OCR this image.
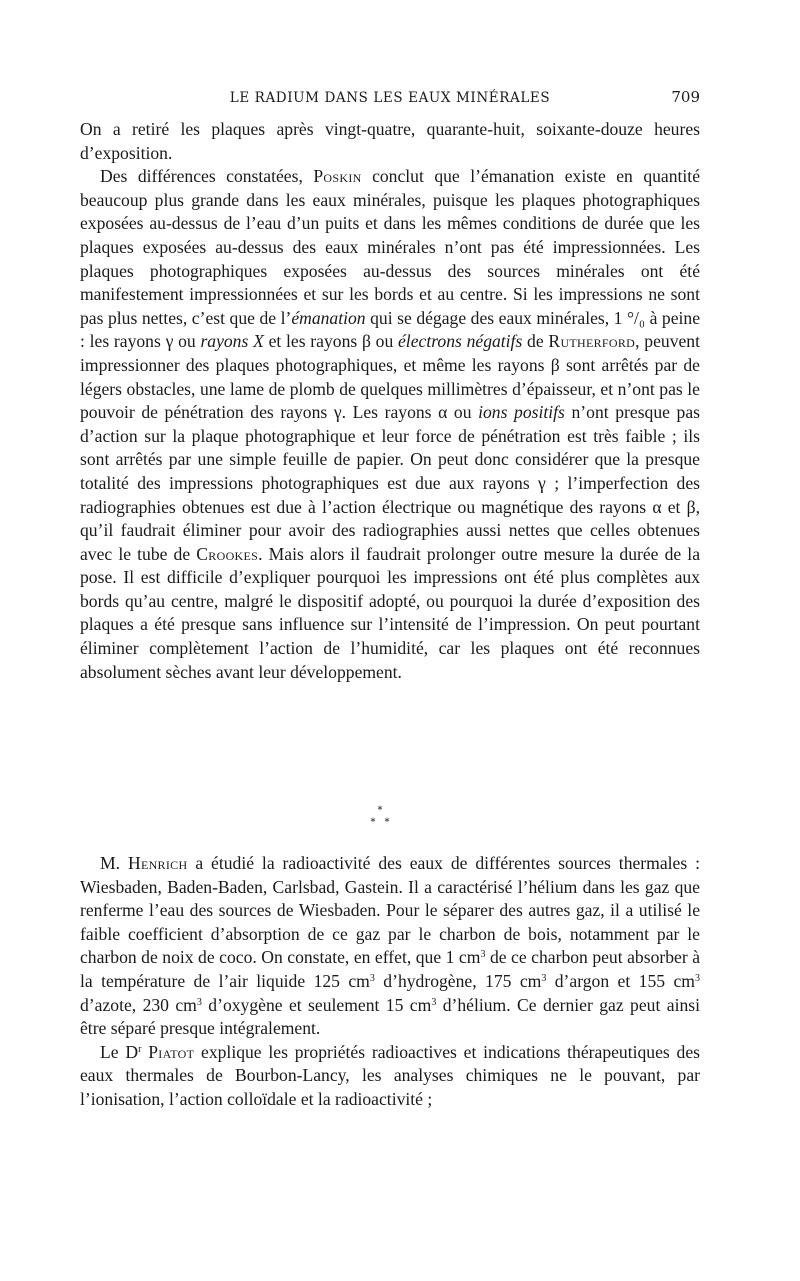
LE RADIUM DANS LES EAUX MINÉRALES	709

On a retiré les plaques après vingt-quatre, quarante-huit, soixante-douze heures d’exposition.

Des différences constatées, Poskin conclut que l’émanation existe en quantité beaucoup plus grande dans les eaux minérales, puisque les plaques photographiques exposées au-dessus de l’eau d’un puits et dans les mêmes conditions de durée que les plaques exposées au-dessus des eaux minérales n’ont pas été impressionnées. Les plaques photographiques exposées au-dessus des sources minérales ont été manifestement impressionnées et sur les bords et au centre. Si les impressions ne sont pas plus nettes, c’est que de l’émanation qui se dégage des eaux minérales, 1 °/₀ à peine : les rayons γ ou rayons X et les rayons β ou électrons négatifs de Rutherford, peuvent impressionner des plaques photographiques, et même les rayons β sont arrêtés par de légers obstacles, une lame de plomb de quelques millimètres d’épaisseur, et n’ont pas le pouvoir de pénétration des rayons γ. Les rayons α ou ions positifs n’ont presque pas d’action sur la plaque photographique et leur force de pénétration est très faible ; ils sont arrêtés par une simple feuille de papier. On peut donc considérer que la presque totalité des impressions photographiques est due aux rayons γ ; l’imperfection des radiographies obtenues est due à l’action électrique ou magnétique des rayons α et β, qu’il faudrait éliminer pour avoir des radiographies aussi nettes que celles obtenues avec le tube de Crookes. Mais alors il faudrait prolonger outre mesure la durée de la pose. Il est difficile d’expliquer pourquoi les impressions ont été plus complètes aux bords qu’au centre, malgré le dispositif adopté, ou pourquoi la durée d’exposition des plaques a été presque sans influence sur l’intensité de l’impression. On peut pourtant éliminer complètement l’action de l’humidité, car les plaques ont été reconnues absolument sèches avant leur développement.

*
* *

M. Henrich a étudié la radioactivité des eaux de différentes sources thermales : Wiesbaden, Baden-Baden, Carlsbad, Gastein. Il a caractérisé l’hélium dans les gaz que renferme l’eau des sources de Wiesbaden. Pour le séparer des autres gaz, il a utilisé le faible coefficient d’absorption de ce gaz par le charbon de bois, notamment par le charbon de noix de coco. On constate, en effet, que 1 $cm^3$ de ce charbon peut absorber à la température de l’air liquide 125 $cm^3$ d’hydrogène, 175 $cm^3$ d’argon et 155 $cm^3$ d’azote, 230 $cm^3$ d’oxygène et seulement 15 $cm^3$ d’hélium. Ce dernier gaz peut ainsi être séparé presque intégralement.

Le $D^r$ Piatot explique les propriétés radioactives et indications thérapeutiques des eaux thermales de Bourbon-Lancy, les analyses chimiques ne le pouvant, par l’ionisation, l’action colloïdale et la radioactivité ;
